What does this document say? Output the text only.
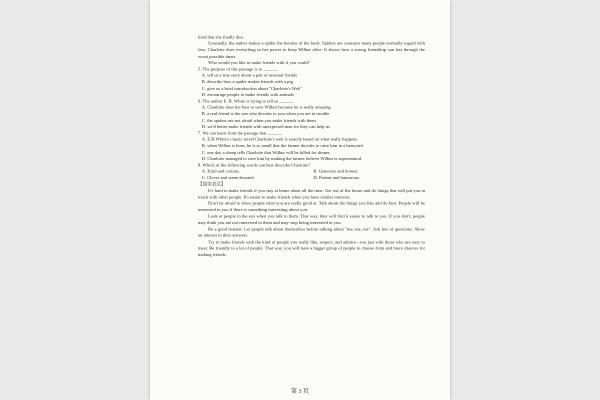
tired that she finally dies.

Unusually, the author makes a spider the heroine of the book. Spiders are creatures many people normally regard with fear. Charlotte does everything in her power to keep Wilbur alive. It shows how a strong friendship can last through the worst possible times.

Who would you like to make friends with if you could?

5. The purpose of this passage is to ______.

A. tell us a true story about a pair of unusual friends

B. describe how a spider makes friends with a pig

C. give us a brief introduction about "Charlotte's Web"

D. encourage people to make friends with animals

6. The author E. B. White is trying to tell us ______.

A. Charlotte does her best to save Wilbur because he is really amazing

B. a real friend is the one who devotes to you when you are in trouble

C. the spiders are not afraid when you make friends with them

D. we'd better make friends with unexpected man for they can help us

7. We can learn from the passage that ______.

A. E.B.White's classic novel Charlotte's web is exactly based on what really happens.

B. when Wilbur is born, he is so small that the farmer decides to raise him in a barnyard.

C. one day a sheep tells Charlotte that Wilbur will be killed for dinner.

D. Charlotte managed to save him by making the farmer believe Wilbur is supernatural.

8. Which of the following words can best describe Charlotte?

A. Kind and curious.	B. Generous and honest.
C. Clever and warm-hearted.	D. Patient and humorous.

【阅读表达】

It's hard to make friends if you stay at home alone all the time. Get out of the house and do things that will put you in touch with other people. It's easier to make friends when you have similar interests.

Don't be afraid to show people what you are really good at. Talk about the things you like and do best. People will be interested in you if there is something interesting about you.

Look at people in the eye when you talk to them. That way, they will find it easier to talk to you. If you don't, people may think you are not interested in them and may stop being interested in you.

Be a good listener. Let people talk about themselves before talking about "me, me, me". Ask lots of questions. Show an interest in their answers.

Try to make friends with the kind of people you really like, respect, and admire—not just with those who are easy to meet. Be friendly to a lot of people. That way, you will have a bigger group of people to choose from and more chances for making friends.

第 3 页
